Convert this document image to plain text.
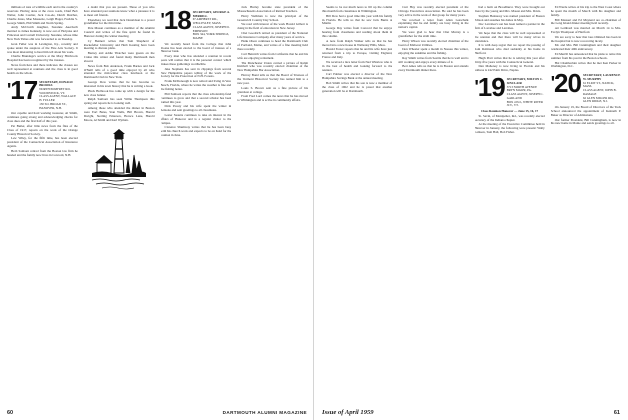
millions of tons of wildlife each and is the country's reservoir. Having done at the cross roads, Chief Bob Walter, John Coulter, Jack Cas-ele, Dutch Dutcher, Charlie Jones, Mae Mousette, Leigh Hager, Freddie S. George Smith, Phil Smith and Norm Spring.

Andy McClatch daughter, Suzanne Auerbach married to James Kennedy, is now out of Holyoke and Princeton and Cornell University. Suzanne, whose time New York Times obit was forwarded to us Tuesday.

Gran Fuller was in Lexington, Ky., recently and spoke under the auspices of the Fine Arts Society. It was most interesting to hear him tell about his work.

Charlie Brundage's service at the Mary Hitchcock Hospital has been recognized by the trustees.

News from here and there indicates the classes are well represented at reunions and the class is in good health on the whole.

'17 SECRETARY, DONALD BROOKS
NORTH POMFRET RD.
WOODSTOCK, VT.
CLASS AGENT, WALLACE H. FULLER
130 SO. BROAD ST., HANOVER, N.H.

Our capable and hard working treasurer, Al Smith, continues going strong and acknowledging checks for class dues and the first half of this year.

Pat Butler, after little news from the files of the Class of 1917, reports on the work of the Orange County Historical Society.

Lew Wiley, for the fifth time, has been elected president of the Connecticut Association of Insurance Agents.

Herb Sanborn retired from the Boston law firm he headed and the family now lives in Concord, N.H.

a doubt that you are present. Those of you who have attended past reunions know what a pleasure it is to meet old friends.

Elsewhere we read that Jack Donaldson is a proud grandfather for the third time.

Pete Mason continues as a member of the Alumni Council and writes of the fine spirit he found in Hanover during the winter meeting.

Cy Bennett writes that Tom Shepherd of Rockefeller University and Herb Keating have been meeting to discuss plans.

Barney and Addie Thatcher were guests on the Cruise this winter and found many Dartmouth men aboard.

News from Bob Anderson, Frank Barnes and Jack O'Neill tells of a good time enjoyed by all who attended the mid-winter class luncheon at the Dartmouth Club in New York.

George Dow writes that he has become so interested in his town history that he is writing a book.

Pluck Holbrook has come up with a design for the new class banner.

Ralph Sanborn has seen Willie Thompson this spring and reports he is looking well.

Among those who attended the dinner in Boston were Earl Bates, Stan Wells, Bill Brown, Harold Dwight, Sterling Emerson, Horace Lane, Harold Moore, Al Smith and Karl Wyman.

'18 SECRETARY, GEORGE A. MERRILL
67 AMHERST RD., WELLESLEY, MASS.
CLASS AGENT, JOSEPH D. EMERSON
BOX 344, YORK SPRINGS, MAINE

We recently heard from the College that John Sloane has been elected to the board of trustees of a Hanover bank.

Every man who has attended a reunion in recent years will realize that it is the personal contact which makes these gatherings worthwhile.

Jake Stephens has sent in clippings from several New Hampshire papers telling of the work of the Society for the Protection of N.H. Forests.

Frank McDonough is now retired and living in Vero Beach, Florida, where he writes the weather is fine and the fishing better.

Phil Sanborn reports that the class scholarship fund continues to grow and that a second scholar has been named this year.

Dick Prouty and his wife spent the winter in Arizona and sent greetings to all classmates.

Lester Stearns continues to take an interest in the affairs of Hanover and is a regular visitor to the campus.

Clarence Shumway writes that he has been busy with his church work and expects to be on hand for the reunion in June.

Jack Hurley became state president of the Massachusetts Association of Retired Teachers.

Harry Wellman is now the principal of the Greenwich Country Day School.

We read with interest of the work Harold Gilbert is doing in the field of education in New Jersey.

Chet Goodrich retired as president of the National Life Insurance Company after many years of service.

Hank Olson continues to head the Dartmouth Club of Portland, Maine, and writes of a fine meeting held there recently.

Carl Heinrich writes from California that he and his wife are enjoying retirement.

The Manchester Union carried a picture of Ralph Kimball who was recently elected chairman of the New Hampshire Bar Association.

Harvey Bond tells us that the Board of Trustees of the Vermont Historical Society has named him to a new post.

Louis S. Brown sent us a fine picture of his grandson at college.

From Fred Lord comes the news that he has moved to Wilmington and is active in community affairs.

60	DARTMOUTH ALUMNI MAGAZINE

Seems to be not much news to fill up the column this month from classmates in Wilmington.

Bill Dow had a good time this year with his family in Florida. He tells us that he saw Jack Burns at Miami.

George Day writes from Concord that he enjoys hearing from classmates and reading about them in this column.

A note from Ralph Walker tells us that he has moved into a new house in Wellesley Hills, Mass.

Harold Foster reports that he and his wife have just returned from a trip to Europe, visiting England, France and Italy.

We received a nice letter from Ned Winslow who is in the best of health and looking forward to the reunion.

Carl Palmer was elected a director of the New Hampshire Savings Bank at the annual meeting.

Bob Smith writes that his son is now a member of the class of 1962 and he is proud that another generation will be at Dartmouth.

Curt Hay was recently elected president of the Chicago Executives Association. He said he has been very active in the work of that group for many years.

We received a letter from Allen Gotschalk explaining that he and family are busy living in the nation's capital.

We were glad to hear that Chet Murray is a grandfather for the sixth time.

Harry Wilson was recently elected chairman of the board of Midwest Utilities.

Don Wheeler spent a month in Nassau this winter, enjoying the sunshine and the fishing.

Ray Smith writes from Seattle that he is well and is still working and enjoys every minute of it.

Bert Ames tells us that he is in Boston and attends every Dartmouth dinner there.

had a farm on Broadhurst. They were brought out there by the young and Mrs. Mason and Mrs. Davis.

Stephen Hennessy was named president of Boston Edison and assumes his duties in May.

Doc Larrabee's son has been named a partner in the firm of Larrabee and Larrabee.

We hope that the class will be well represented at the reunion and that there will be many wives in attendance.

It is with deep regret that we report the passing of Sam Robinson who died suddenly at his home in Hartford.

Hugh Pratt writes that he is retiring this year after thirty-five years with the Connecticut General.

Dan Mahoney is now living in Florida and his address is 242 Palm Drive, Naples.

'19 SECRETARY, MILTON C. SINCLAIR
3713 NORTH AVENUE
BRYN MAWR, PA.
CLASS AGENT, JOSEPH C. GARLAND
BOX 4 P.O., WHITE RIVER JCT., VT.

Class Reunion Hanover — June 15, 16, 17

St. Savin, of Montpelier, Ind., was recently elected secretary of the Indiana chapter.

At the meeting of the Executive Committee held in Hanover in January, the following were present: Wally Lamson, Tom Hall, Bob Fisher.

Ed Warde writes of his trip to the West Coast where he spent the month of March with his daughter and family.

Bill Mausert and Ed Maynard are co-chairmen of the Long Island dinner meeting held recently.

Art Lombard was married on March 14 to Mrs. Evelyn Thompson of Hartford.

We are sorry to hear that Gus Olmsted has been in the hospital but is now recovering nicely.

Mr. and Mrs. Bill Cunningham and their daughter celebrated their 40th anniversary.

Ed Merrill has announced that he plans to retire this summer from his post in the Boston schools.

Hal Chamberlain writes that he met Ken Parker in Washington, D.C.

'20 SECRETARY, LAURENCE W. MURPHY
61 ELIOT ST., NATICK, MASS.
CLASS AGENT, JOHN B. RAMAGE
62 GLEN MILLER RD., GLEN RIDGE, N.J.

On January 19, the Board of Directors of the Tuck School announced the appointment of Kenneth P. Baker as Director of Admissions.

Our former President, Bill Cunningham, is now in his new home in Maine and sends greetings to all.

Issue of April 1959	61
